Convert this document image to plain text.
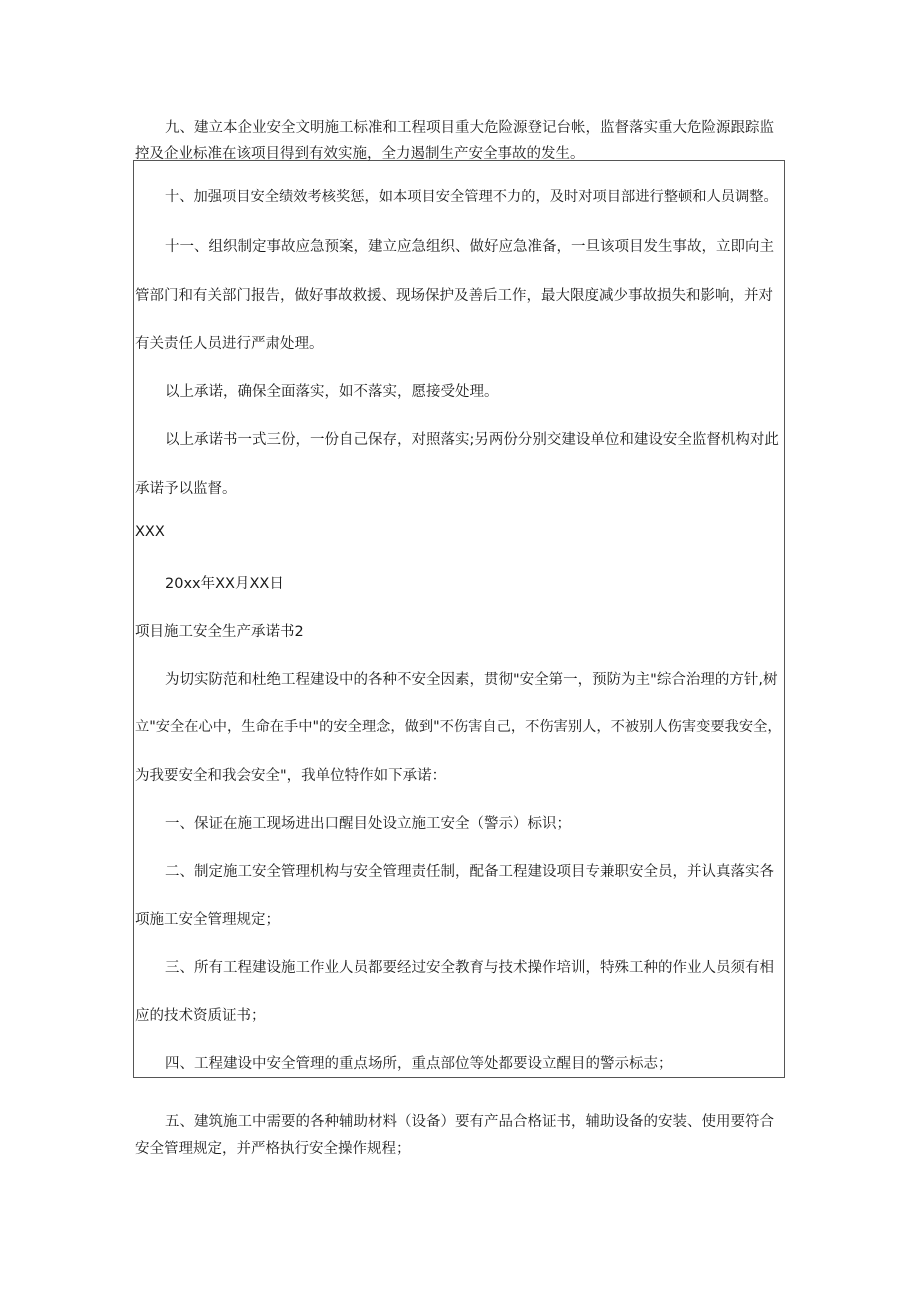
九、建立本企业安全文明施工标准和工程项目重大危险源登记台帐，监督落实重大危险源跟踪监
控及企业标准在该项目得到有效实施，全力遏制生产安全事故的发生。
十、加强项目安全绩效考核奖惩，如本项目安全管理不力的，及时对项目部进行整顿和人员调整。
十一、组织制定事故应急预案，建立应急组织、做好应急准备，一旦该项目发生事故，立即向主
管部门和有关部门报告，做好事故救援、现场保护及善后工作，最大限度减少事故损失和影响，并对
有关责任人员进行严肃处理。
以上承诺，确保全面落实，如不落实，愿接受处理。
以上承诺书一式三份，一份自己保存，对照落实;另两份分别交建设单位和建设安全监督机构对此
承诺予以监督。
XXX
20xx年XX月XX日
项目施工安全生产承诺书2
为切实防范和杜绝工程建设中的各种不安全因素，贯彻"安全第一，预防为主"综合治理的方针,树
立"安全在心中，生命在手中"的安全理念，做到"不伤害自己，不伤害别人，不被别人伤害变要我安全，
为我要安全和我会安全"，我单位特作如下承诺：
一、保证在施工现场进出口醒目处设立施工安全（警示）标识；
二、制定施工安全管理机构与安全管理责任制，配备工程建设项目专兼职安全员，并认真落实各
项施工安全管理规定；
三、所有工程建设施工作业人员都要经过安全教育与技术操作培训，特殊工种的作业人员须有相
应的技术资质证书；
四、工程建设中安全管理的重点场所，重点部位等处都要设立醒目的警示标志；
五、建筑施工中需要的各种辅助材料（设备）要有产品合格证书，辅助设备的安装、使用要符合
安全管理规定，并严格执行安全操作规程；
